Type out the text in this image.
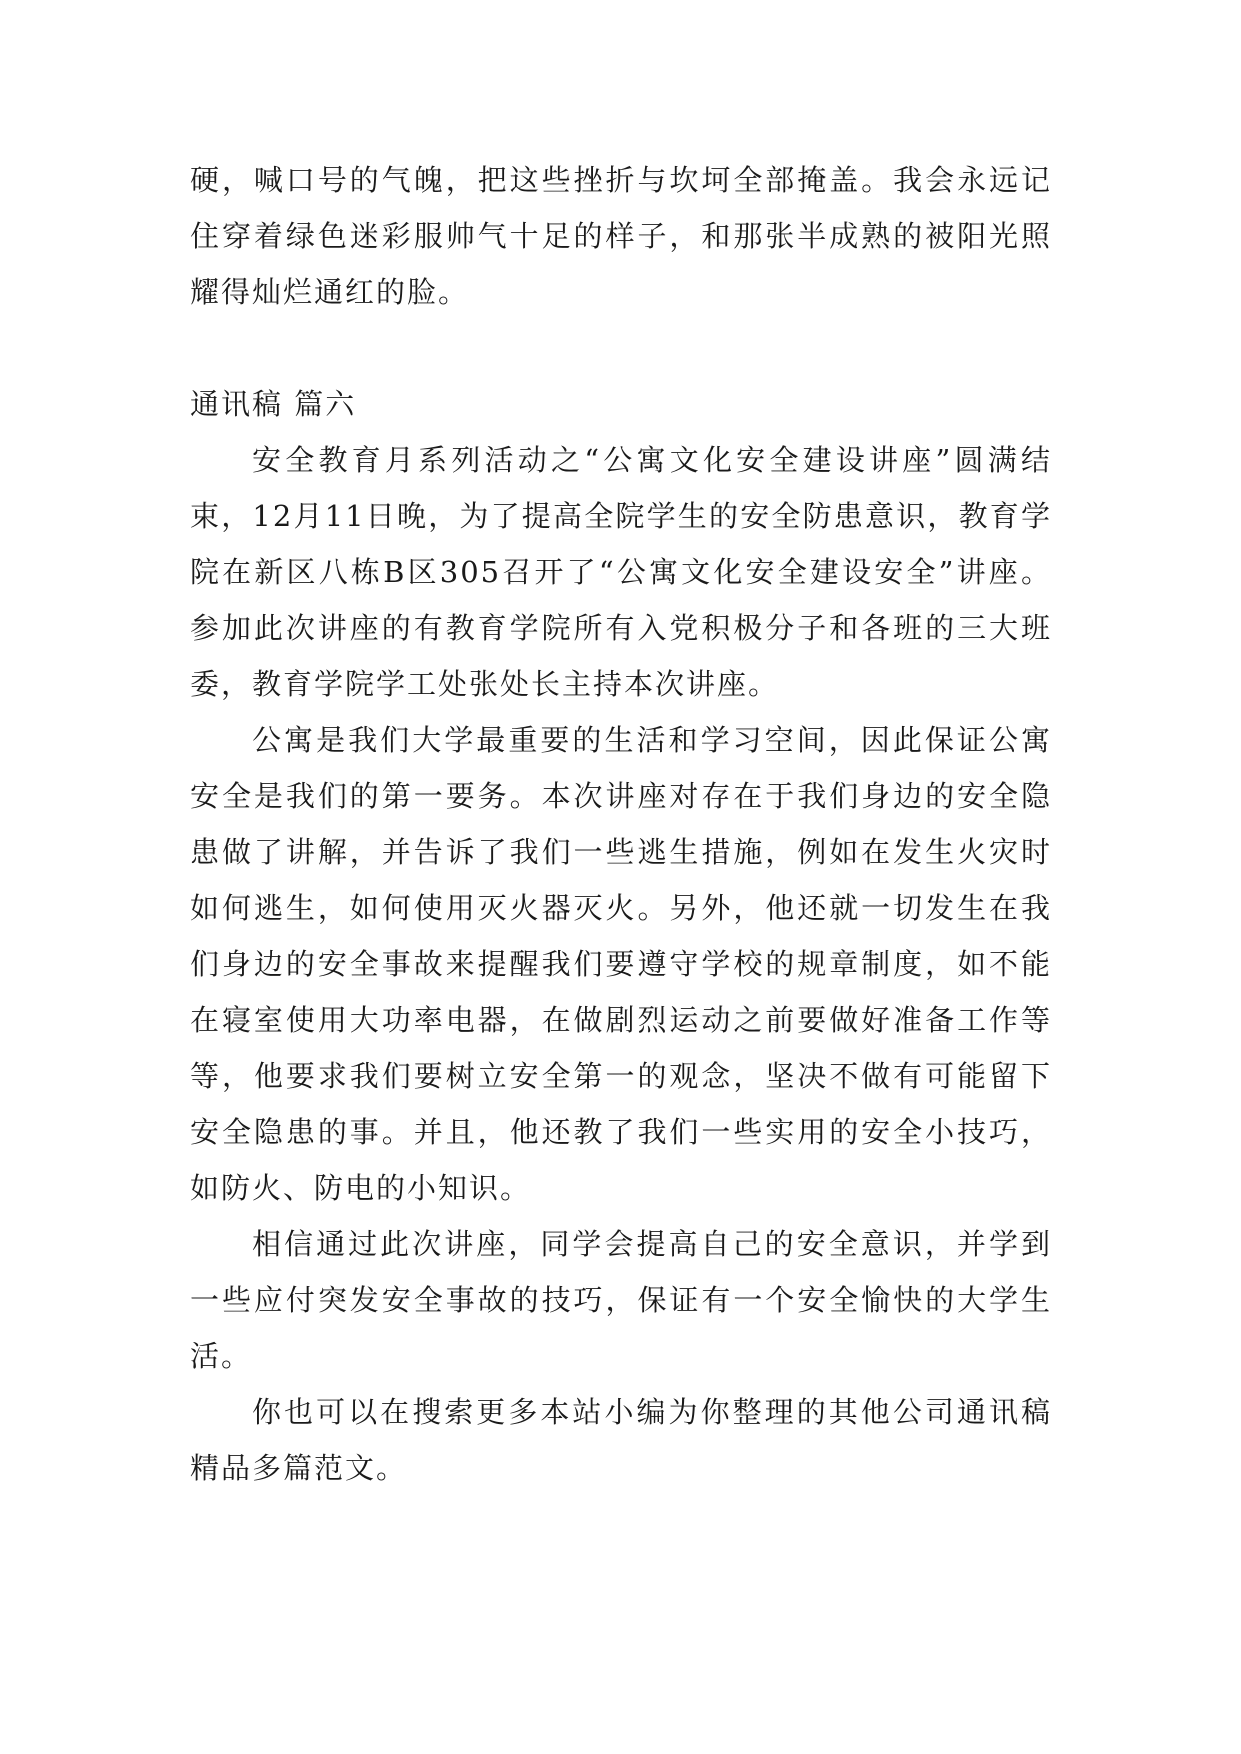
硬，喊口号的气魄，把这些挫折与坎坷全部掩盖。我会永远记住穿着绿色迷彩服帅气十足的样子，和那张半成熟的被阳光照耀得灿烂通红的脸。

通讯稿 篇六

安全教育月系列活动之“公寓文化安全建设讲座”圆满结束，12月11日晚，为了提高全院学生的安全防患意识，教育学院在新区八栋B区305召开了“公寓文化安全建设安全”讲座。参加此次讲座的有教育学院所有入党积极分子和各班的三大班委，教育学院学工处张处长主持本次讲座。

公寓是我们大学最重要的生活和学习空间，因此保证公寓安全是我们的第一要务。本次讲座对存在于我们身边的安全隐患做了讲解，并告诉了我们一些逃生措施，例如在发生火灾时如何逃生，如何使用灭火器灭火。另外，他还就一切发生在我们身边的安全事故来提醒我们要遵守学校的规章制度，如不能在寝室使用大功率电器，在做剧烈运动之前要做好准备工作等等，他要求我们要树立安全第一的观念，坚决不做有可能留下安全隐患的事。并且，他还教了我们一些实用的安全小技巧，如防火、防电的小知识。

相信通过此次讲座，同学会提高自己的安全意识，并学到一些应付突发安全事故的技巧，保证有一个安全愉快的大学生活。

你也可以在搜索更多本站小编为你整理的其他公司通讯稿精品多篇范文。
